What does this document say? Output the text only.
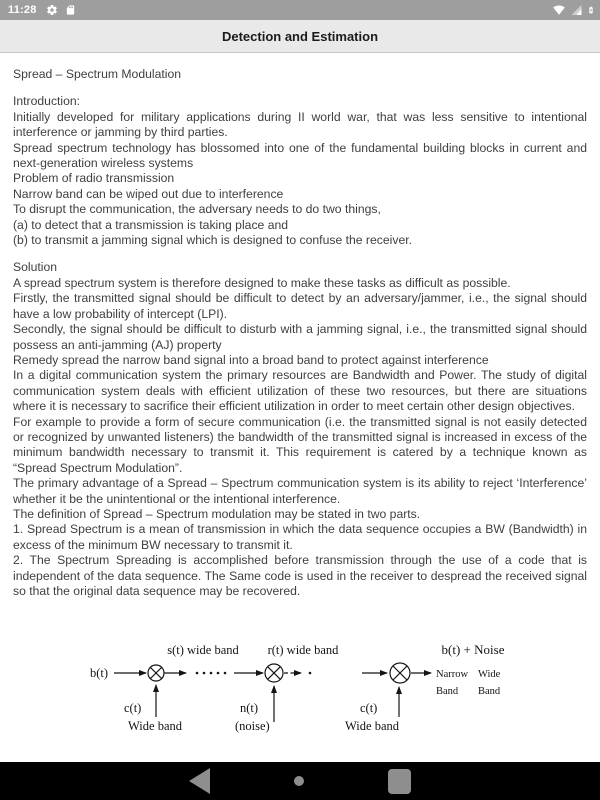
11:28
Detection and Estimation

Spread – Spectrum Modulation

Introduction:

Initially developed for military applications during II world war, that was less sensitive to intentional interference or jamming by third parties.

Spread spectrum technology has blossomed into one of the fundamental building blocks in current and next-generation wireless systems

Problem of radio transmission

Narrow band can be wiped out due to interference

To disrupt the communication, the adversary needs to do two things,

(a) to detect that a transmission is taking place and

(b) to transmit a jamming signal which is designed to confuse the receiver.

Solution

A spread spectrum system is therefore designed to make these tasks as difficult as possible.

Firstly, the transmitted signal should be difficult to detect by an adversary/jammer, i.e., the signal should have a low probability of intercept (LPI).

Secondly, the signal should be difficult to disturb with a jamming signal, i.e., the transmitted signal should possess an anti-jamming (AJ) property

Remedy spread the narrow band signal into a broad band to protect against interference

In a digital communication system the primary resources are Bandwidth and Power. The study of digital communication system deals with efficient utilization of these two resources, but there are situations where it is necessary to sacrifice their efficient utilization in order to meet certain other design objectives.

For example to provide a form of secure communication (i.e. the transmitted signal is not easily detected or recognized by unwanted listeners) the bandwidth of the transmitted signal is increased in excess of the minimum bandwidth necessary to transmit it. This requirement is catered by a technique known as “Spread Spectrum Modulation”.

The primary advantage of a Spread – Spectrum communication system is its ability to reject ‘Interference’ whether it be the unintentional or the intentional interference.

The definition of Spread – Spectrum modulation may be stated in two parts.

1. Spread Spectrum is a mean of transmission in which the data sequence occupies a BW (Bandwidth) in excess of the minimum BW necessary to transmit it.

2. The Spectrum Spreading is accomplished before transmission through the use of a code that is independent of the data sequence. The Same code is used in the receiver to despread the received signal so that the original data sequence may be recovered.

s(t) wide band r(t) wide band	b(t) + Noise
b(t)	Narrow Wide
Band Band
c(t)	n(t)	c(t)
Wide band	(noise)	Wide band
